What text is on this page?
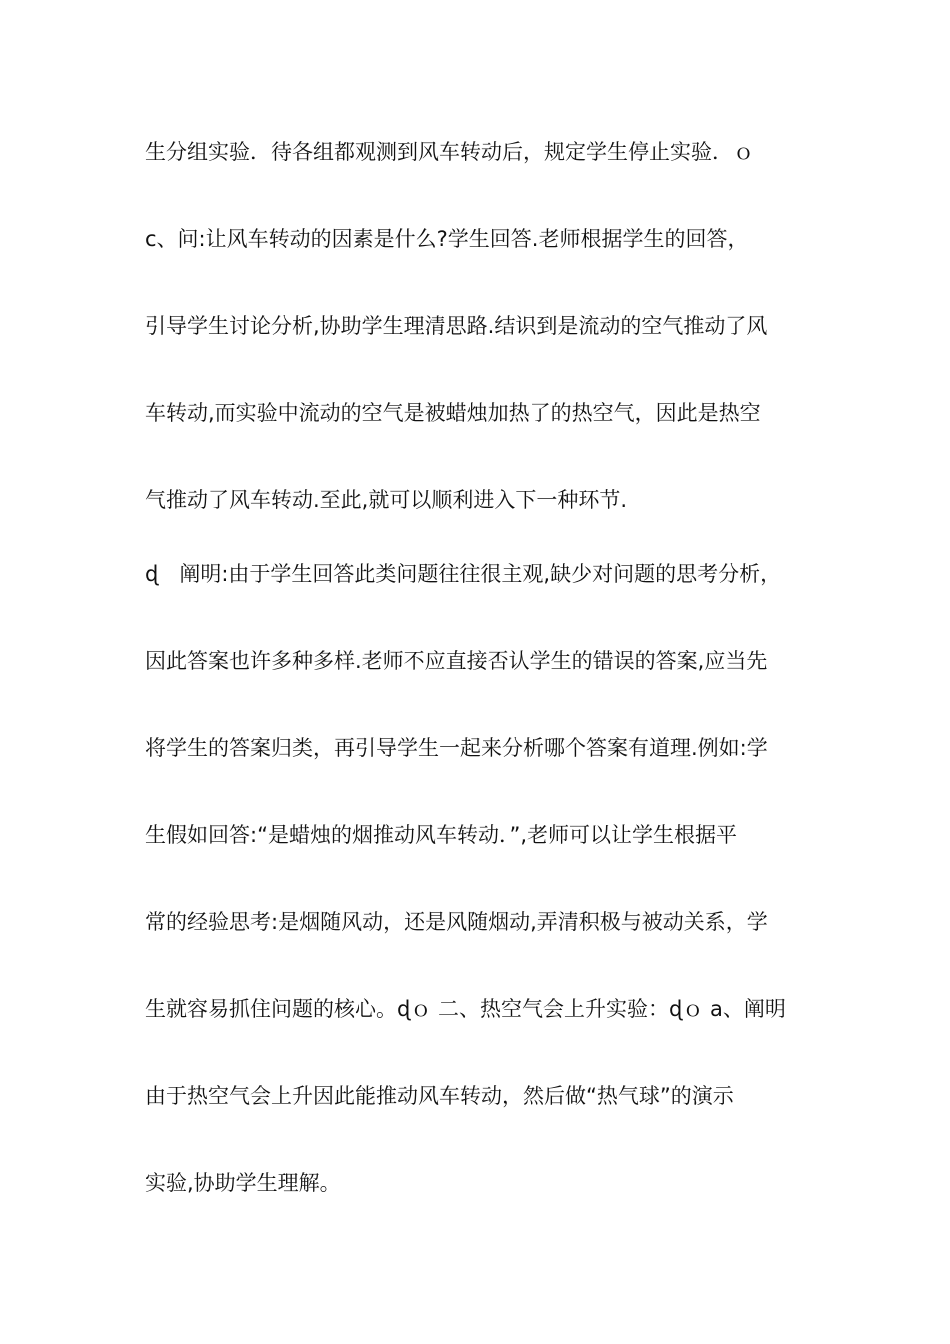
生分组实验．待各组都观测到风车转动后，规定学生停止实验．ｏ
c、问:让风车转动的因素是什么?学生回答.老师根据学生的回答，
引导学生讨论分析,协助学生理清思路.结识到是流动的空气推动了风
车转动,而实验中流动的空气是被蜡烛加热了的热空气，因此是热空
气推动了风车转动.至此,就可以顺利进入下一种环节.
ɖ　阐明:由于学生回答此类问题往往很主观,缺少对问题的思考分析，
因此答案也许多种多样.老师不应直接否认学生的错误的答案,应当先
将学生的答案归类，再引导学生一起来分析哪个答案有道理.例如:学
生假如回答:“是蜡烛的烟推动风车转动．”,老师可以让学生根据平
常的经验思考:是烟随风动，还是风随烟动,弄清积极与被动关系，学
生就容易抓住问题的核心。ɖｏ 二、热空气会上升实验：ɖｏ a、阐明
由于热空气会上升因此能推动风车转动，然后做“热气球”的演示
实验,协助学生理解。
